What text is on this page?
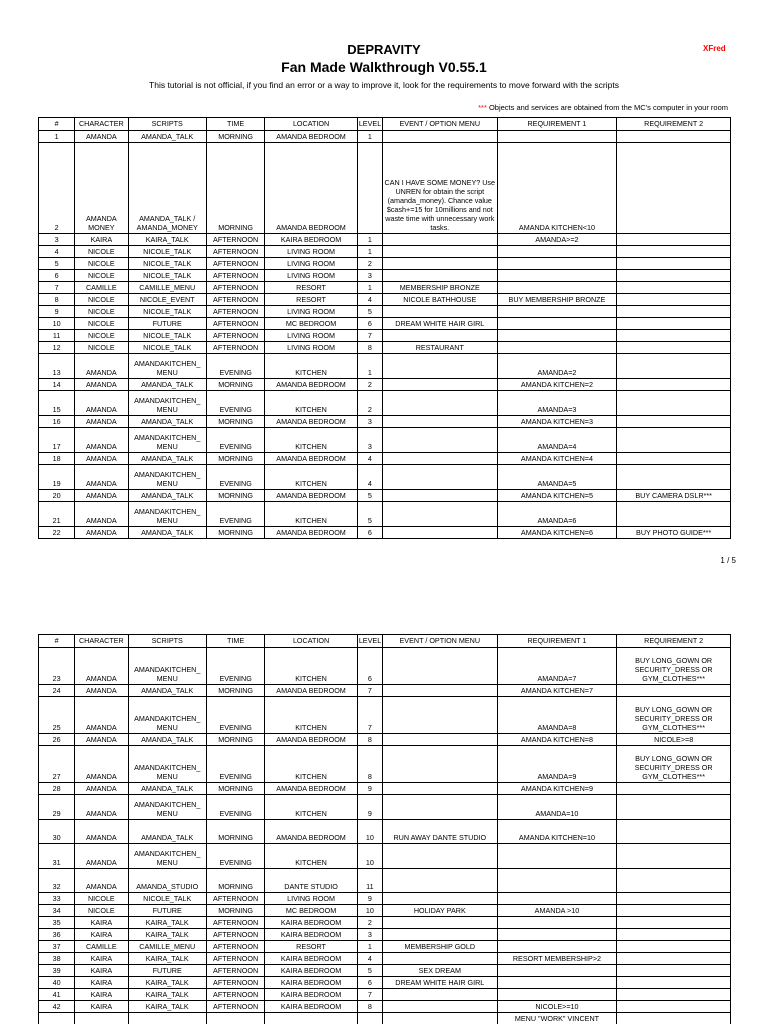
DEPRAVITY	XFred
Fan Made Walkthrough V0.55.1
This tutorial is not official, if you find an error or a way to improve it, look for the requirements to move forward with the scripts
*** Objects and services are obtained from the MC's computer in your room
#	CHARACTER	SCRIPTS	TIME	LOCATION	LEVEL	EVENT / OPTION MENU	REQUIREMENT 1	REQUIREMENT 2
1	AMANDA	AMANDA_TALK	MORNING	AMANDA BEDROOM	1			
2	AMANDA MONEY	AMANDA_TALK / AMANDA_MONEY	MORNING	AMANDA BEDROOM		CAN I HAVE SOME MONEY? Use UNREN for obtain the script (amanda_money). Chance value $cash+=15 for 10millions and not waste time with unnecessary work tasks.	AMANDA KITCHEN<10	
3	KAIRA	KAIRA_TALK	AFTERNOON	KAIRA BEDROOM	1		AMANDA>=2	
4	NICOLE	NICOLE_TALK	AFTERNOON	LIVING ROOM	1			
5	NICOLE	NICOLE_TALK	AFTERNOON	LIVING ROOM	2			
6	NICOLE	NICOLE_TALK	AFTERNOON	LIVING ROOM	3			
7	CAMILLE	CAMILLE_MENU	AFTERNOON	RESORT	1	MEMBERSHIP BRONZE		
8	NICOLE	NICOLE_EVENT	AFTERNOON	RESORT	4	NICOLE BATHHOUSE	BUY MEMBERSHIP BRONZE	
9	NICOLE	NICOLE_TALK	AFTERNOON	LIVING ROOM	5			
10	NICOLE	FUTURE	AFTERNOON	MC BEDROOM	6	DREAM WHITE HAIR GIRL		
11	NICOLE	NICOLE_TALK	AFTERNOON	LIVING ROOM	7			
12	NICOLE	NICOLE_TALK	AFTERNOON	LIVING ROOM	8	RESTAURANT		
13	AMANDA	AMANDAKITCHEN_ MENU	EVENING	KITCHEN	1		AMANDA=2	
14	AMANDA	AMANDA_TALK	MORNING	AMANDA BEDROOM	2		AMANDA KITCHEN=2	
15	AMANDA	AMANDAKITCHEN_ MENU	EVENING	KITCHEN	2		AMANDA=3	
16	AMANDA	AMANDA_TALK	MORNING	AMANDA BEDROOM	3		AMANDA KITCHEN=3	
17	AMANDA	AMANDAKITCHEN_ MENU	EVENING	KITCHEN	3		AMANDA=4	
18	AMANDA	AMANDA_TALK	MORNING	AMANDA BEDROOM	4		AMANDA KITCHEN=4	
19	AMANDA	AMANDAKITCHEN_ MENU	EVENING	KITCHEN	4		AMANDA=5	
20	AMANDA	AMANDA_TALK	MORNING	AMANDA BEDROOM	5		AMANDA KITCHEN=5	BUY CAMERA DSLR***
21	AMANDA	AMANDAKITCHEN_ MENU	EVENING	KITCHEN	5		AMANDA=6	
22	AMANDA	AMANDA_TALK	MORNING	AMANDA BEDROOM	6		AMANDA KITCHEN=6	BUY PHOTO GUIDE***
1 / 5
#	CHARACTER	SCRIPTS	TIME	LOCATION	LEVEL	EVENT / OPTION MENU	REQUIREMENT 1	REQUIREMENT 2
23	AMANDA	AMANDAKITCHEN_ MENU	EVENING	KITCHEN	6		AMANDA=7	BUY LONG_GOWN OR SECURITY_DRESS OR GYM_CLOTHES***
24	AMANDA	AMANDA_TALK	MORNING	AMANDA BEDROOM	7		AMANDA KITCHEN=7	
25	AMANDA	AMANDAKITCHEN_ MENU	EVENING	KITCHEN	7		AMANDA=8	BUY LONG_GOWN OR SECURITY_DRESS OR GYM_CLOTHES***
26	AMANDA	AMANDA_TALK	MORNING	AMANDA BEDROOM	8		AMANDA KITCHEN=8	NICOLE>=8
27	AMANDA	AMANDAKITCHEN_ MENU	EVENING	KITCHEN	8		AMANDA=9	BUY LONG_GOWN OR SECURITY_DRESS OR GYM_CLOTHES***
28	AMANDA	AMANDA_TALK	MORNING	AMANDA BEDROOM	9		AMANDA KITCHEN=9	
29	AMANDA	AMANDAKITCHEN_ MENU	EVENING	KITCHEN	9		AMANDA=10	
30	AMANDA	AMANDA_TALK	MORNING	AMANDA BEDROOM	10	RUN AWAY DANTE STUDIO	AMANDA KITCHEN=10	
31	AMANDA	AMANDAKITCHEN_ MENU	EVENING	KITCHEN	10			
32	AMANDA	AMANDA_STUDIO	MORNING	DANTE STUDIO	11			
33	NICOLE	NICOLE_TALK	AFTERNOON	LIVING ROOM	9			
34	NICOLE	FUTURE	MORNING	MC BEDROOM	10	HOLIDAY PARK	AMANDA >10	
35	KAIRA	KAIRA_TALK	AFTERNOON	KAIRA BEDROOM	2			
36	KAIRA	KAIRA_TALK	AFTERNOON	KAIRA BEDROOM	3			
37	CAMILLE	CAMILLE_MENU	AFTERNOON	RESORT	1	MEMBERSHIP GOLD		
38	KAIRA	KAIRA_TALK	AFTERNOON	KAIRA BEDROOM	4		RESORT MEMBERSHIP>2	
39	KAIRA	FUTURE	AFTERNOON	KAIRA BEDROOM	5	SEX DREAM		
40	KAIRA	KAIRA_TALK	AFTERNOON	KAIRA BEDROOM	6	DREAM WHITE HAIR GIRL		
41	KAIRA	KAIRA_TALK	AFTERNOON	KAIRA BEDROOM	7			
42	KAIRA	KAIRA_TALK	AFTERNOON	KAIRA BEDROOM	8		NICOLE>=10	
							MENU "WORK" VINCENT	
